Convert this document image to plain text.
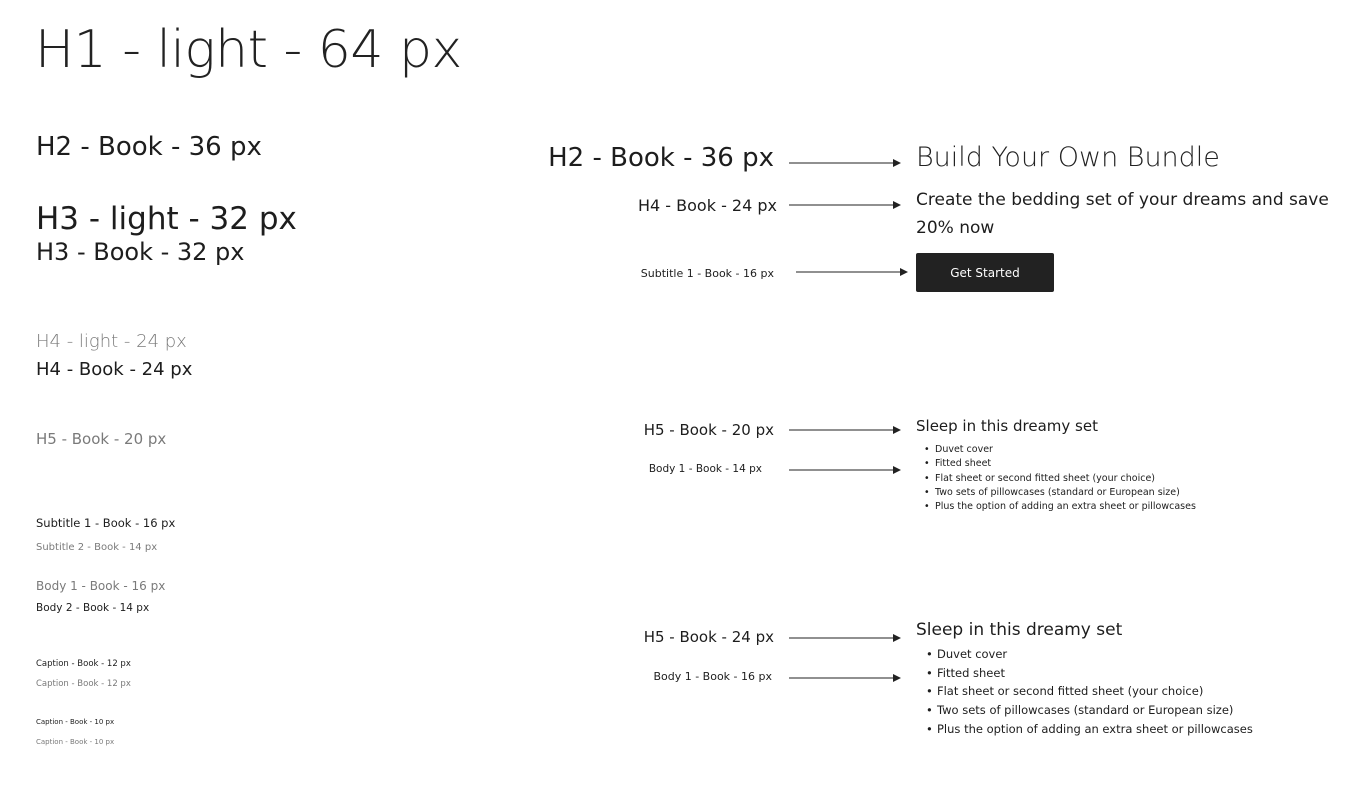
H1 - light - 64 px
H2 - Book - 36 px
H3 - light - 32 px
H3 - Book - 32 px
H4 - light - 24 px
H4 - Book - 24 px
H5 - Book - 20 px
Subtitle 1 - Book - 16 px
Subtitle 2 - Book - 14 px
Body 1 - Book - 16 px
Body 2 - Book - 14 px
Caption - Book - 12 px
Caption - Book - 12 px
Caption - Book - 10 px
Caption - Book - 10 px
H2 - Book - 36 px	Build Your Own Bundle
H4 - Book - 24 px	Create the bedding set of your dreams and save
20% now
Subtitle 1 - Book - 16 px	Get Started
H5 - Book - 20 px	Sleep in this dreamy set
Body 1 - Book - 14 px
• Duvet cover
• Fitted sheet
• Flat sheet or second fitted sheet (your choice)
• Two sets of pillowcases (standard or European size)
• Plus the option of adding an extra sheet or pillowcases
H5 - Book - 24 px	Sleep in this dreamy set
Body 1 - Book - 16 px
• Duvet cover
• Fitted sheet
• Flat sheet or second fitted sheet (your choice)
• Two sets of pillowcases (standard or European size)
• Plus the option of adding an extra sheet or pillowcases
